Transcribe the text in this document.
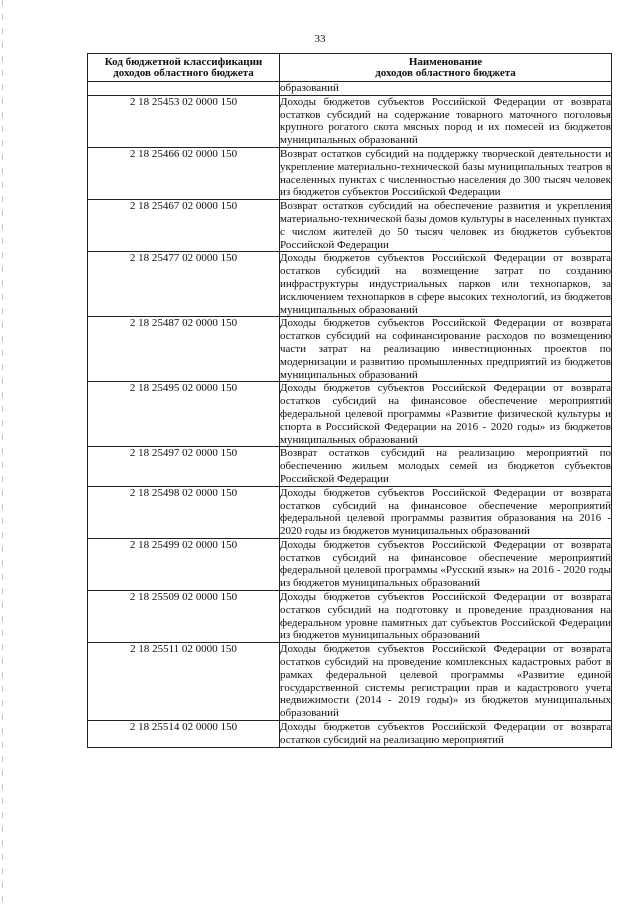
33
Код бюджетной классификации доходов областного бюджета	Наименование
доходов областного бюджета

	образований
2 18 25453 02 0000 150	Доходы бюджетов субъектов Российской Федерации от возврата остатков субсидий на содержание товарного маточного поголовья крупного рогатого скота мясных пород и их помесей из бюджетов муниципальных образований
2 18 25466 02 0000 150	Возврат остатков субсидий на поддержку творческой деятельности и укрепление материально-технической базы муниципальных театров в населенных пунктах с численностью населения до 300 тысяч человек из бюджетов субъектов Российской Федерации
2 18 25467 02 0000 150	Возврат остатков субсидий на обеспечение развития и укрепления материально-технической базы домов культуры в населенных пунктах с числом жителей до 50 тысяч человек из бюджетов субъектов Российской Федерации
2 18 25477 02 0000 150	Доходы бюджетов субъектов Российской Федерации от возврата остатков субсидий на возмещение затрат по созданию инфраструктуры индустриальных парков или технопарков, за исключением технопарков в сфере высоких технологий, из бюджетов муниципальных образований
2 18 25487 02 0000 150	Доходы бюджетов субъектов Российской Федерации от возврата остатков субсидий на софинансирование расходов по возмещению части затрат на реализацию инвестиционных проектов по модернизации и развитию промышленных предприятий из бюджетов муниципальных образований
2 18 25495 02 0000 150	Доходы бюджетов субъектов Российской Федерации от возврата остатков субсидий на финансовое обеспечение мероприятий федеральной целевой программы «Развитие физической культуры и спорта в Российской Федерации на 2016 - 2020 годы» из бюджетов муниципальных образований
2 18 25497 02 0000 150	Возврат остатков субсидий на реализацию мероприятий по обеспечению жильем молодых семей из бюджетов субъектов Российской Федерации
2 18 25498 02 0000 150	Доходы бюджетов субъектов Российской Федерации от возврата остатков субсидий на финансовое обеспечение мероприятий федеральной целевой программы развития образования на 2016 - 2020 годы из бюджетов муниципальных образований
2 18 25499 02 0000 150	Доходы бюджетов субъектов Российской Федерации от возврата остатков субсидий на финансовое обеспечение мероприятий федеральной целевой программы «Русский язык» на 2016 - 2020 годы из бюджетов муниципальных образований
2 18 25509 02 0000 150	Доходы бюджетов субъектов Российской Федерации от возврата остатков субсидий на подготовку и проведение празднования на федеральном уровне памятных дат субъектов Российской Федерации из бюджетов муниципальных образований
2 18 25511 02 0000 150	Доходы бюджетов субъектов Российской Федерации от возврата остатков субсидий на проведение комплексных кадастровых работ в рамках федеральной целевой программы «Развитие единой государственной системы регистрации прав и кадастрового учета недвижимости (2014 - 2019 годы)» из бюджетов муниципальных образований
2 18 25514 02 0000 150	Доходы бюджетов субъектов Российской Федерации от возврата остатков субсидий на реализацию мероприятий
